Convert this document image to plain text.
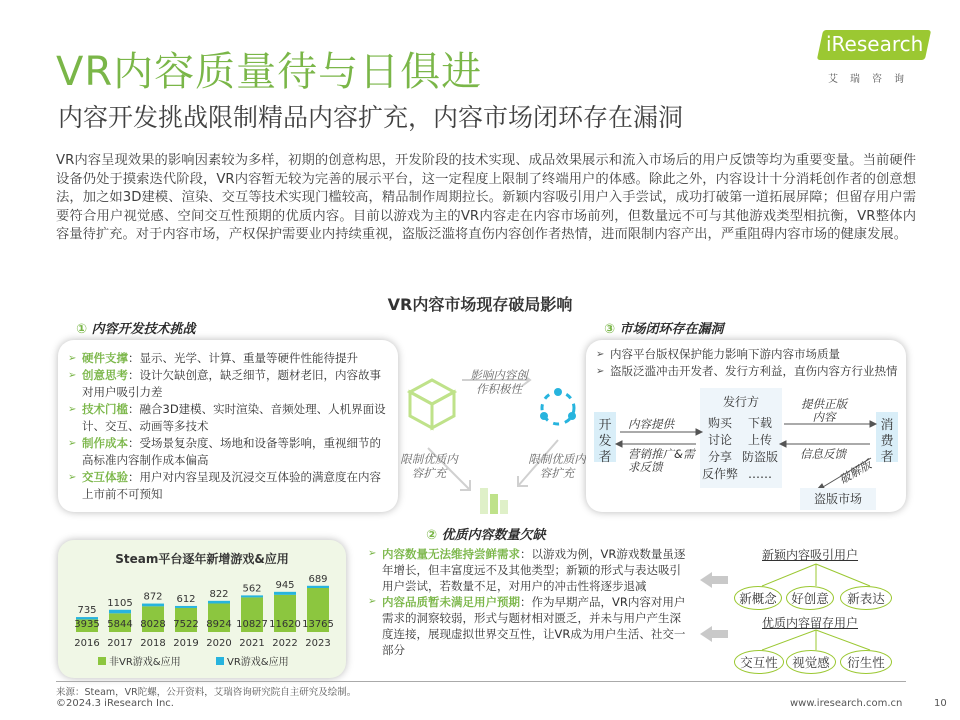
VR内容质量待与日俱进
内容开发挑战限制精品内容扩充，内容市场闭环存在漏洞
iResearch
艾瑞咨询
VR内容呈现效果的影响因素较为多样，初期的创意构思，开发阶段的技术实现、成品效果展示和流入市场后的用户反馈等均为重要变量。当前硬件设备仍处于摸索迭代阶段，VR内容暂无较为完善的展示平台，这一定程度上限制了终端用户的体感。除此之外，内容设计十分消耗创作者的创意想法，加之如3D建模、渲染、交互等技术实现门槛较高，精品制作周期拉长。新颖内容吸引用户入手尝试，成功打破第一道拓展屏障；但留存用户需要符合用户视觉感、空间交互性预期的优质内容。目前以游戏为主的VR内容走在内容市场前列，但数量远不可与其他游戏类型相抗衡，VR整体内容量待扩充。对于内容市场，产权保护需要业内持续重视，盗版泛滥将直伤内容创作者热情，进而限制内容产出，严重阻碍内容市场的健康发展。
VR内容市场现存破局影响
① 内容开发技术挑战
➢ 硬件支撑：显示、光学、计算、重量等硬件性能待提升
➢ 创意思考：设计欠缺创意，缺乏细节，题材老旧，内容故事对用户吸引力差
➢ 技术门槛：融合3D建模、实时渲染、音频处理、人机界面设计、交互、动画等多技术
➢ 制作成本：受场景复杂度、场地和设备等影响，重视细节的高标准内容制作成本偏高
➢ 交互体验：用户对内容呈现及沉浸交互体验的满意度在内容上市前不可预知
影响内容创作积极性
限制优质内容扩充
限制优质内容扩充
③ 市场闭环存在漏洞
➢ 内容平台版权保护能力影响下游内容市场质量
➢ 盗版泛滥冲击开发者、发行方利益，直伤内容方行业热情
开发者
消费者
发行方
购买	下载
讨论	上传
分享 防盗版
反作弊 ……
内容提供
营销推广&需求反馈
提供正版内容
信息反馈
破解版
盗版市场
② 优质内容数量欠缺
Steam平台逐年新增游戏&应用
3935
735
2016
5844
1105
2017
8028
872
2018
7522
612
2019
8924
822
2020
10827
562
2021
11620
945
2022
13765
689
2023
非VR游戏&应用	VR游戏&应用
➢ 内容数量无法维持尝鲜需求：以游戏为例，VR游戏数量虽逐年增长，但丰富度远不及其他类型；新颖的形式与表达吸引用户尝试，若数量不足，对用户的冲击性将逐步退减
➢ 内容品质暂未满足用户预期：作为早期产品，VR内容对用户需求的洞察较弱，形式与题材相对匮乏，并未与用户产生深度连接，展现虚拟世界交互性，让VR成为用户生活、社交一部分
新颖内容吸引用户
新概念	好创意	新表达
优质内容留存用户
交互性	视觉感	衍生性
来源：Steam，VR陀螺，公开资料，艾瑞咨询研究院自主研究及绘制。
©2024.3 iResearch Inc.	www.iresearch.com.cn	10
